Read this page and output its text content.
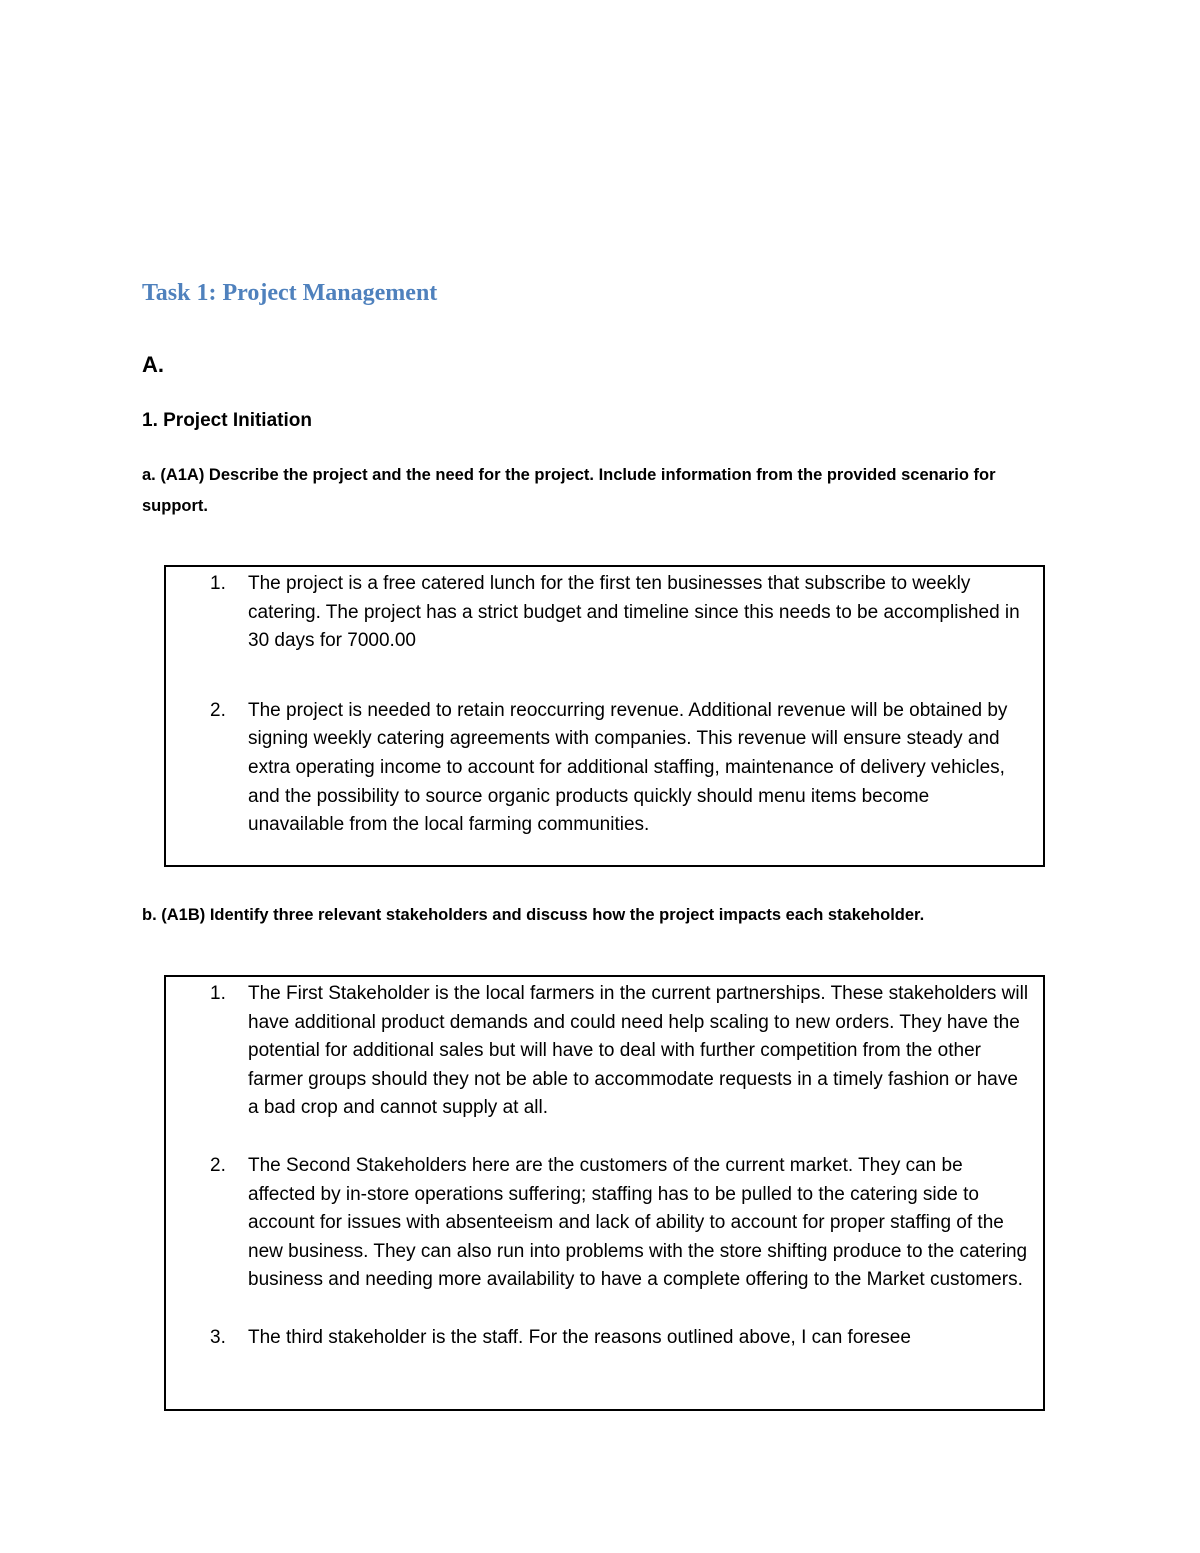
Task 1: Project Management
A.
1. Project Initiation

a. (A1A) Describe the project and the need for the project. Include information from the provided scenario for support.

1. The project is a free catered lunch for the first ten businesses that subscribe to weekly catering. The project has a strict budget and timeline since this needs to be accomplished in 30 days for 7000.00
2. The project is needed to retain reoccurring revenue. Additional revenue will be obtained by signing weekly catering agreements with companies. This revenue will ensure steady and extra operating income to account for additional staffing, maintenance of delivery vehicles, and the possibility to source organic products quickly should menu items become unavailable from the local farming communities.

b. (A1B) Identify three relevant stakeholders and discuss how the project impacts each stakeholder.

1. The First Stakeholder is the local farmers in the current partnerships. These stakeholders will have additional product demands and could need help scaling to new orders. They have the potential for additional sales but will have to deal with further competition from the other farmer groups should they not be able to accommodate requests in a timely fashion or have a bad crop and cannot supply at all.
2. The Second Stakeholders here are the customers of the current market. They can be affected by in-store operations suffering; staffing has to be pulled to the catering side to account for issues with absenteeism and lack of ability to account for proper staffing of the new business. They can also run into problems with the store shifting produce to the catering business and needing more availability to have a complete offering to the Market customers.
3. The third stakeholder is the staff. For the reasons outlined above, I can foresee
